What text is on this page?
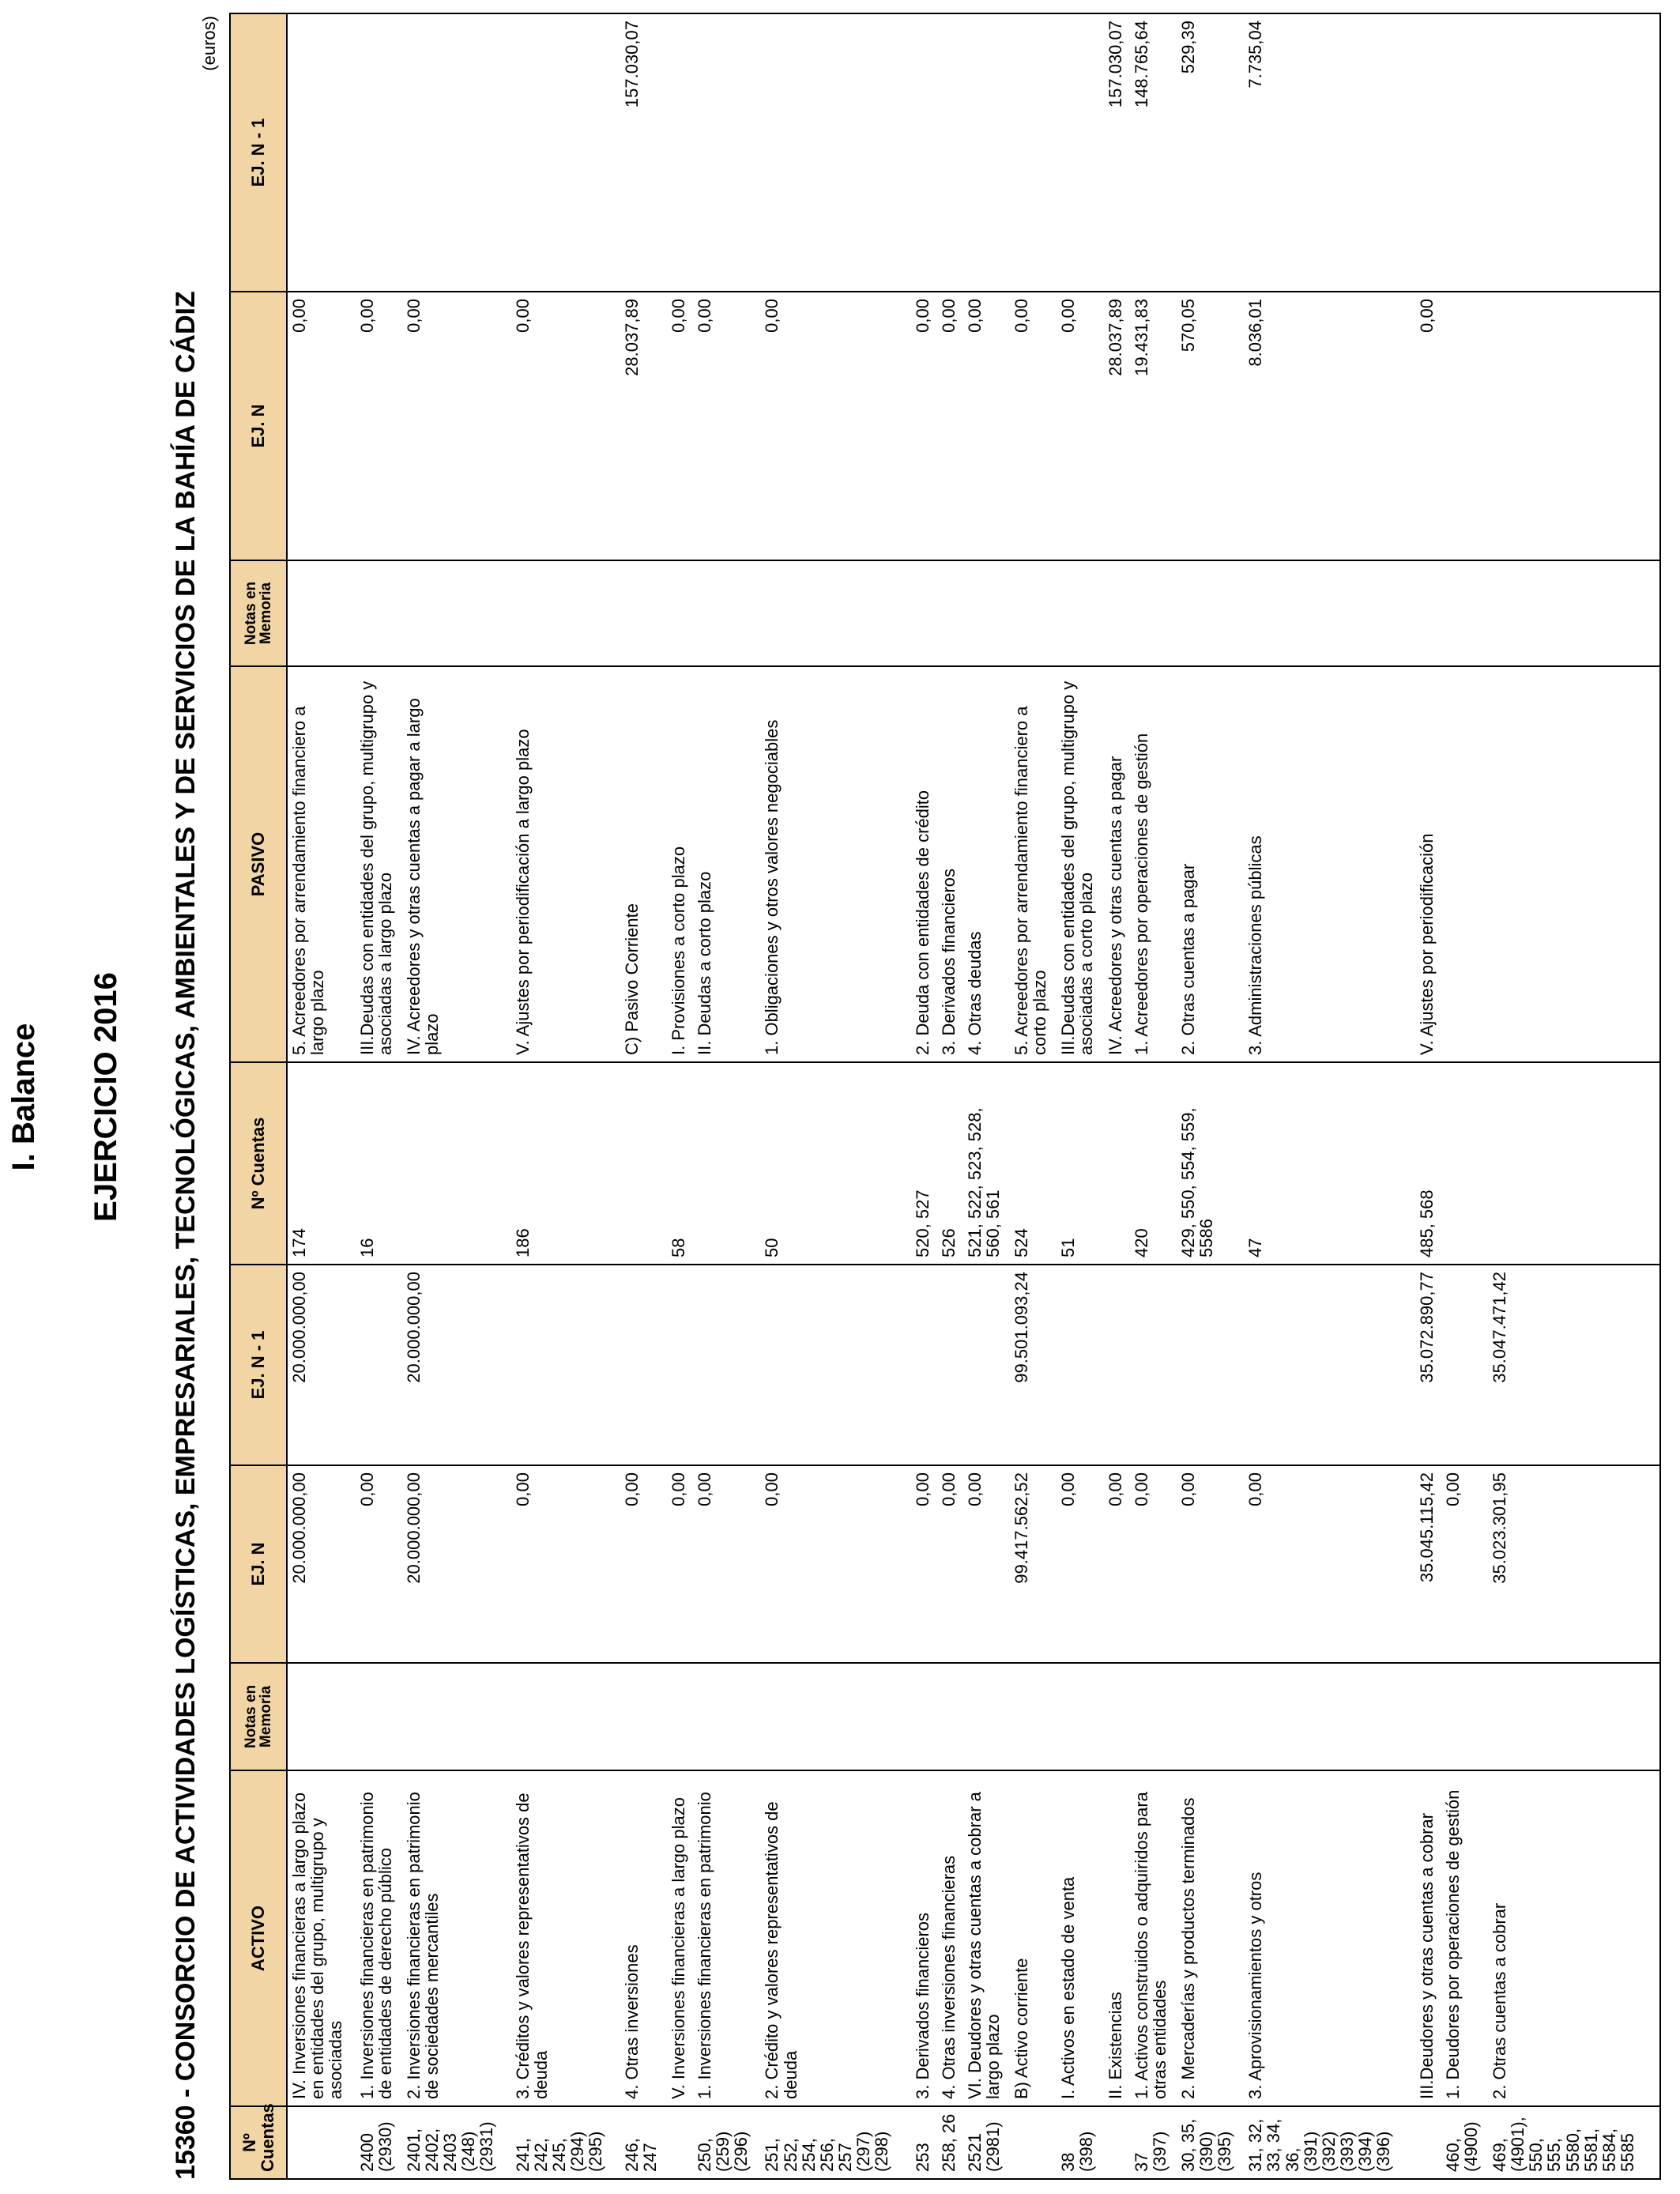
I. Balance EJERCICIO 2016 15360 - CONSORCIO DE ACTIVIDADES LOGÍSTICAS, EMPRESARIALES, TECNOLÓGICAS, AMBIENTALES Y DE SERVICIOS DE LA BAHÍA DE CÁDIZ
(euros)
Nº Cuentas	ACTIVO	Notas en Memoria	EJ. N	EJ. N - 1	Nº Cuentas	PASIVO	Notas en Memoria	EJ. N	EJ. N - 1
	IV. Inversiones financieras a largo plazo en entidades del grupo, multigrupo y asociadas		20.000.000,00	20.000.000,00	174	5. Acreedores por arrendamiento financiero a largo plazo		0,00	
2400 (2930)	1. Inversiones financieras en patrimonio de entidades de derecho público		0,00		16	III.Deudas con entidades del grupo, multigrupo y asociadas a largo plazo		0,00	
2401, 2402, 2403 (248) (2931)	2. Inversiones financieras en patrimonio de sociedades mercantiles		20.000.000,00	20.000.000,00		IV. Acreedores y otras cuentas a pagar a largo plazo		0,00	
241, 242, 245, (294) (295)	3. Créditos y valores representativos de deuda		0,00		186	V. Ajustes por periodificación a largo plazo		0,00	
246, 247	4. Otras inversiones		0,00			C) Pasivo Corriente		28.037,89	157.030,07
	V. Inversiones financieras a largo plazo		0,00		58	I. Provisiones a corto plazo		0,00	
250, (259) (296)	1. Inversiones financieras en patrimonio		0,00			II. Deudas a corto plazo		0,00	
251, 252, 254, 256, 257 (297) (298)	2. Crédito y valores representativos de deuda		0,00		50	1. Obligaciones y otros valores negociables		0,00	
253	3. Derivados financieros		0,00		520, 527	2. Deuda con entidades de crédito		0,00	
258, 26	4. Otras inversiones financieras		0,00		526	3. Derivados financieros		0,00	
2521 (2981)	VI. Deudores y otras cuentas a cobrar a largo plazo		0,00		521, 522, 523, 528, 560, 561	4. Otras deudas		0,00	
	B) Activo corriente		99.417.562,52	99.501.093,24	524	5. Acreedores por arrendamiento financiero a corto plazo		0,00	
38 (398)	I. Activos en estado de venta		0,00		51	III.Deudas con entidades del grupo, multigrupo y asociadas a corto plazo		0,00	
	II. Existencias		0,00			IV. Acreedores y otras cuentas a pagar		28.037,89	157.030,07
37 (397)	1. Activos construidos o adquiridos para otras entidades		0,00		420	1. Acreedores por operaciones de gestión		19.431,83	148.765,64
30, 35, (390) (395)	2. Mercaderías y productos terminados		0,00		429, 550, 554, 559, 5586	2. Otras cuentas a pagar		570,05	529,39
31, 32, 33, 34, 36, (391) (392) (393) (394) (396)	3. Aprovisionamientos y otros		0,00		47	3. Administraciones públicas		8.036,01	7.735,04
	III.Deudores y otras cuentas a cobrar		35.045.115,42	35.072.890,77	485, 568	V. Ajustes por periodificación		0,00	
460, (4900)	1. Deudores por operaciones de gestión		0,00						
469, (4901), 550, 555, 5580, 5581, 5584, 5585	2. Otras cuentas a cobrar		35.023.301,95	35.047.471,42					
